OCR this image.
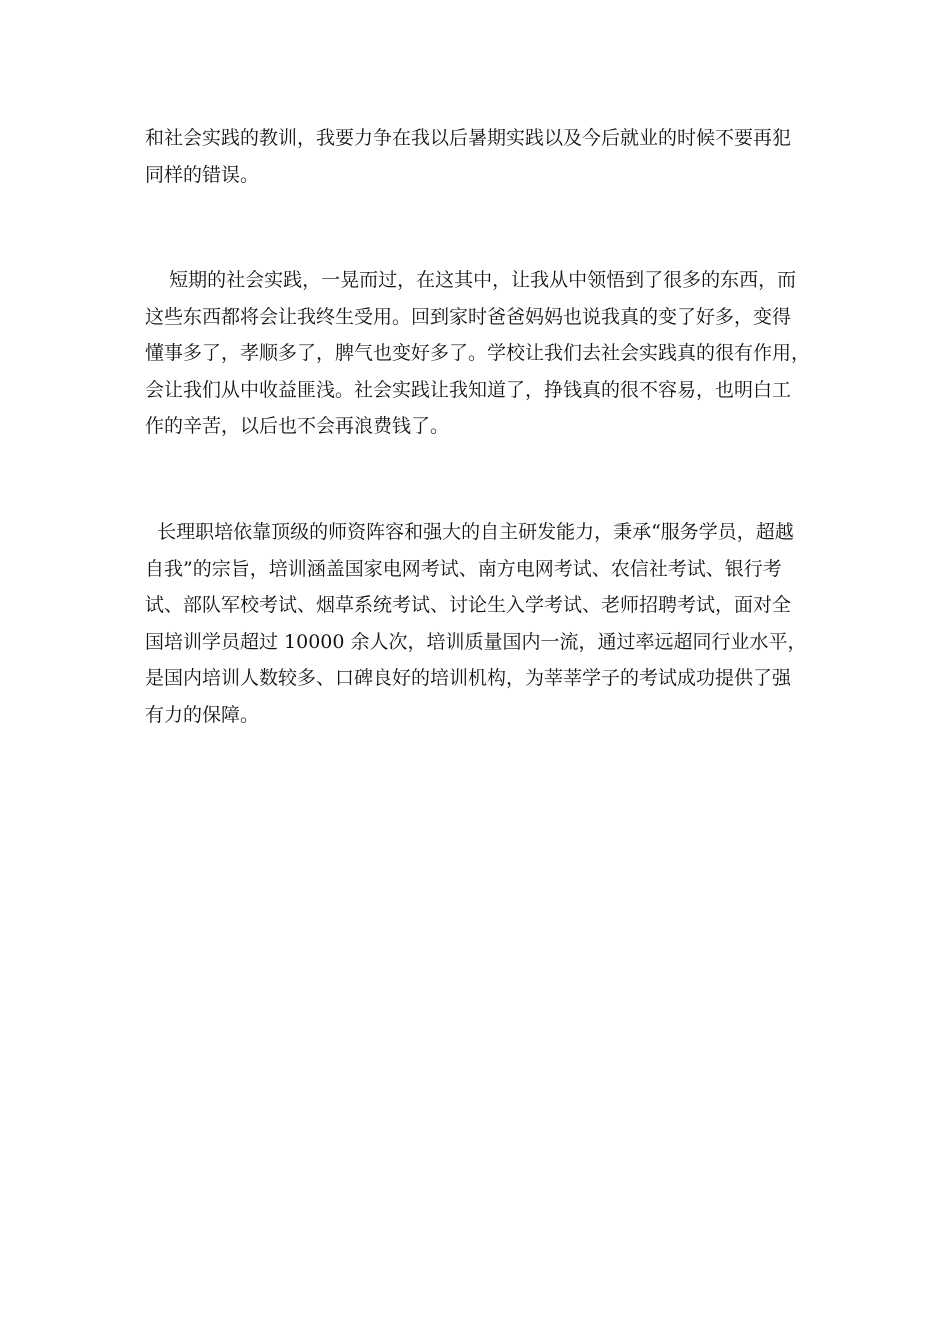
和社会实践的教训，我要力争在我以后暑期实践以及今后就业的时候不要再犯
同样的错误。
短期的社会实践，一晃而过，在这其中，让我从中领悟到了很多的东西，而
这些东西都将会让我终生受用。回到家时爸爸妈妈也说我真的变了好多，变得
懂事多了，孝顺多了，脾气也变好多了。学校让我们去社会实践真的很有作用，
会让我们从中收益匪浅。社会实践让我知道了，挣钱真的很不容易，也明白工
作的辛苦，以后也不会再浪费钱了。
长理职培依靠顶级的师资阵容和强大的自主研发能力，秉承“服务学员，超越
自我”的宗旨，培训涵盖国家电网考试、南方电网考试、农信社考试、银行考
试、部队军校考试、烟草系统考试、讨论生入学考试、老师招聘考试，面对全
国培训学员超过 10000 余人次，培训质量国内一流，通过率远超同行业水平，
是国内培训人数较多、口碑良好的培训机构，为莘莘学子的考试成功提供了强
有力的保障。
